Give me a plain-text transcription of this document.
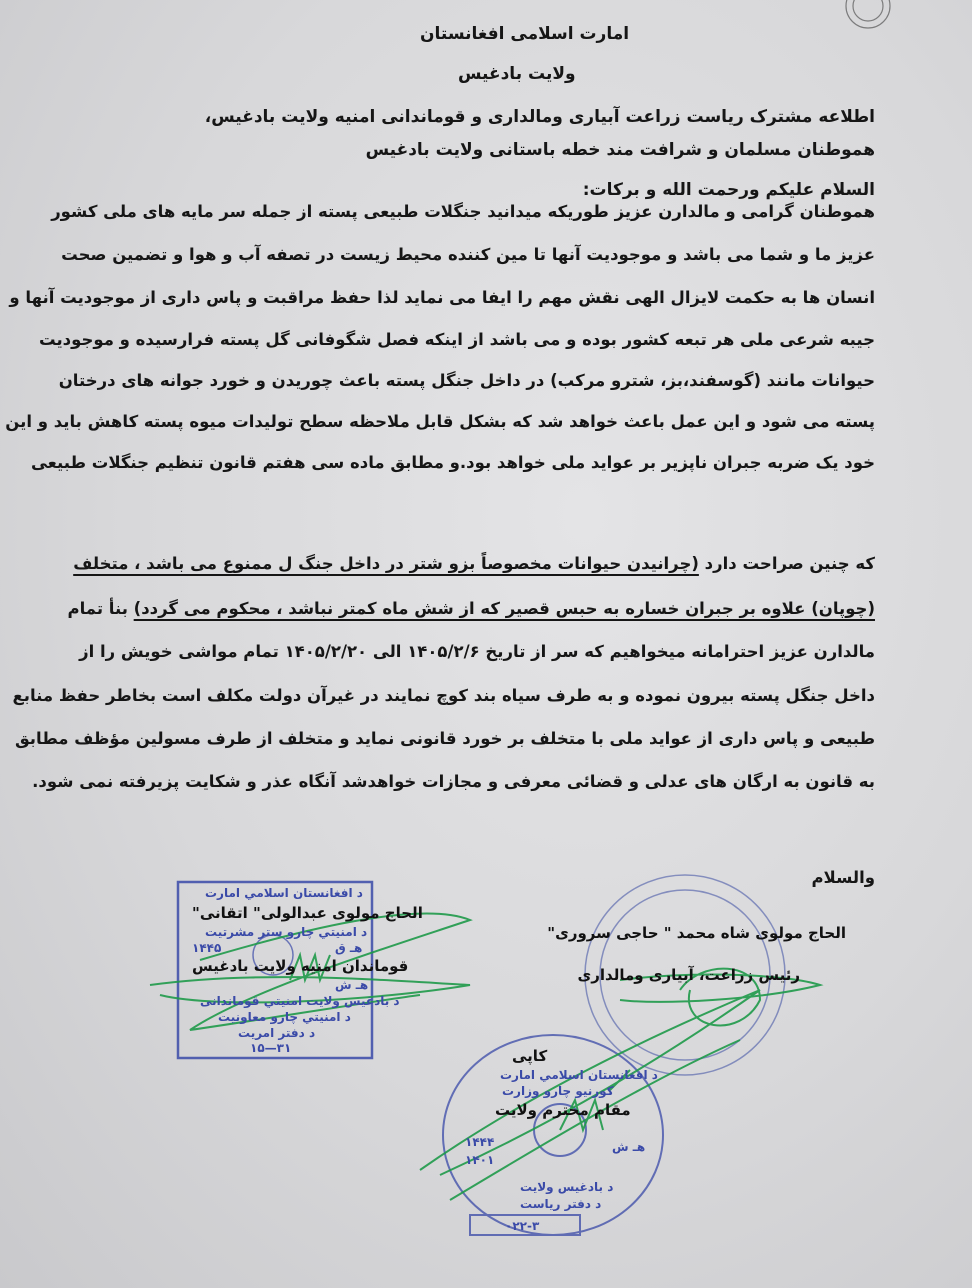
امارت اسلامی افغانستان
ولایت بادغیس
اطلاعه مشترک ریاست زراعت آبیاری ومالداری و قوماندانی امنیه ولایت بادغیس،
هموطنان مسلمان و شرافت مند خطه باستانی ولایت بادغیس
السلام علیکم ورحمت الله و برکات:
هموطنان گرامی و مالدارن عزیز طوریکه میدانید جنگلات طبیعی پسته از جمله سر مایه های ملی کشور
عزیز ما و شما می باشد و موجودیت آنها تا مین کننده محیط زیست در تصفه آب و هوا و تضمین صحت
انسان ها به حکمت لایزال الهی نقش مهم را ایفا می نماید لذا حفظ مراقبت و پاس داری از موجودیت آنها و
جیبه شرعی ملی هر تبعه کشور بوده و می باشد از اینکه فصل شگوفانی گل پسته فرارسیده و موجودیت
حیوانات مانند (گوسفند،بز، شترو مرکب) در داخل جنگل پسته باعث چوریدن و خورد جوانه های درختان
پسته می شود و این عمل باعث خواهد شد که بشکل قابل ملاحظه سطح تولیدات میوه پسته کاهش باید و این
خود یک ضربه جبران ناپزیر بر عواید ملی خواهد بود.و مطابق ماده سی هفتم قانون تنظیم جنگلات طبیعی
که چنین صراحت دارد (چرانیدن حیوانات مخصوصاً بزو شتر در داخل جنگ ل ممنوع می باشد ، متخلف
(چوپان) علاوه بر جبران خساره به حبس قصیر که از شش ماه کمتر نباشد ، محکوم می گردد) بنأ تمام
مالدارن عزیز احترامانه میخواهیم که سر از تاریخ ۱۴۰۵/۲/۶ الی ۱۴۰۵/۲/۲۰ تمام مواشی خویش را از
داخل جنگل پسته بیرون نموده و به طرف سیاه بند کوچ نمایند در غیرآن دولت مکلف است بخاطر حفظ منابع
طبیعی و پاس داری از عواید ملی با متخلف بر خورد قانونی نماید و متخلف از طرف مسولین مؤظف مطابق
به قانون به ارگان های عدلی و قضائی معرفی و مجازات خواهدشد آنگاه عذر و شکایت پزیرفته نمی شود.
والسلام
د افغانستان اسلامي امارت
الحاج مولوی عبدالولی" اتقانی"
د امنیتي چارو ستر مشرتیت
۱۴۴۵	هـ ق
قوماندان امنیه ولایت بادغیس
هـ ش
د بادغیس ولایت امنیتي قوماندانی
د امنیتي چارو معاونیت
د دفتر امریت
۳۱—۱۵	کاپی
د افغانستان اسلامي امارت
کورنیو چارو وزارت
مقام محترم ولایت
۱۴۴۴	هـ ش
۱۴۰۱
د بادغیس ولایت
د دفتر ریاست
۰۲۲-۳
الحاج مولوی شاه محمد " حاجی سروری"
رئیس زراعت، آبیاری ومالداری
